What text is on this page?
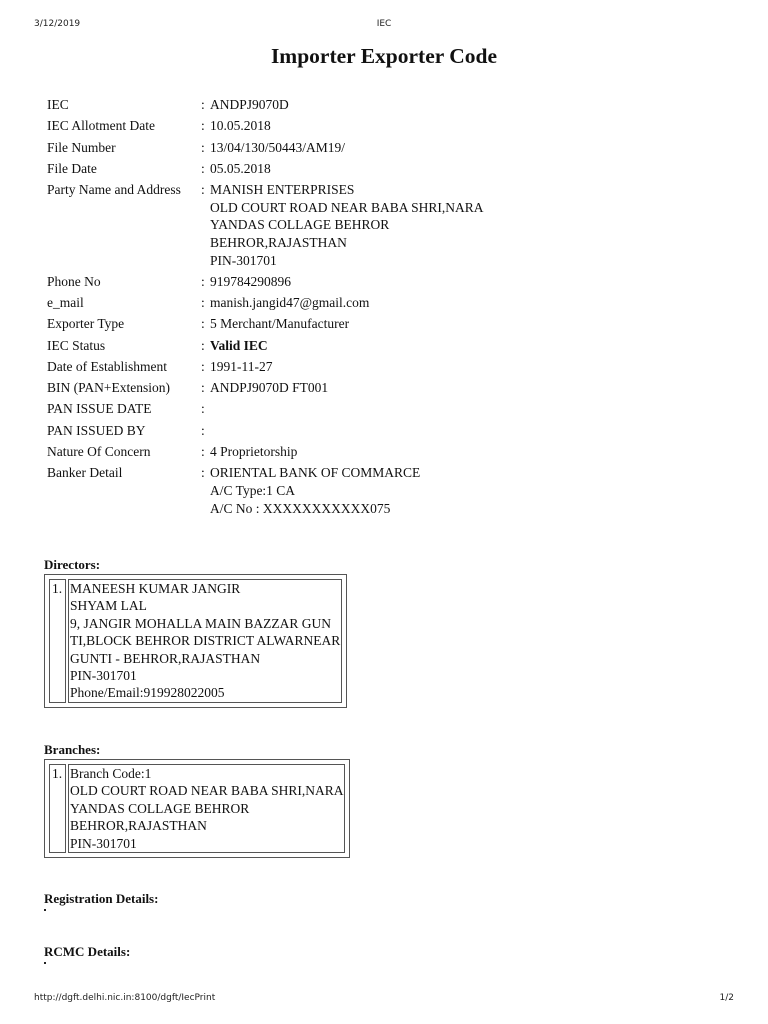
3/12/2019	IEC
Importer Exporter Code
IEC	: ANDPJ9070D
IEC Allotment Date	: 10.05.2018
File Number	: 13/04/130/50443/AM19/
File Date	: 05.05.2018
Party Name and Address	: MANISH ENTERPRISES
OLD COURT ROAD NEAR BABA SHRI,NARA
YANDAS COLLAGE BEHROR
BEHROR,RAJASTHAN
PIN-301701
Phone No	: 919784290896
e_mail	: manish.jangid47@gmail.com
Exporter Type	: 5 Merchant/Manufacturer
IEC Status	: Valid IEC
Date of Establishment	: 1991-11-27
BIN (PAN+Extension)	: ANDPJ9070D FT001
PAN ISSUE DATE	:
PAN ISSUED BY	:
Nature Of Concern	: 4 Proprietorship
Banker Detail	: ORIENTAL BANK OF COMMARCE
A/C Type:1 CA
A/C No : XXXXXXXXXXX075
Directors:
1.	MANEESH KUMAR JANGIR
SHYAM LAL
9, JANGIR MOHALLA MAIN BAZZAR GUN
TI,BLOCK BEHROR DISTRICT ALWARNEAR
GUNTI - BEHROR,RAJASTHAN
PIN-301701
Phone/Email:919928022005
Branches:
1.	Branch Code:1
OLD COURT ROAD NEAR BABA SHRI,NARA
YANDAS COLLAGE BEHROR
BEHROR,RAJASTHAN
PIN-301701
Registration Details:
RCMC Details:
http://dgft.delhi.nic.in:8100/dgft/IecPrint	1/2
